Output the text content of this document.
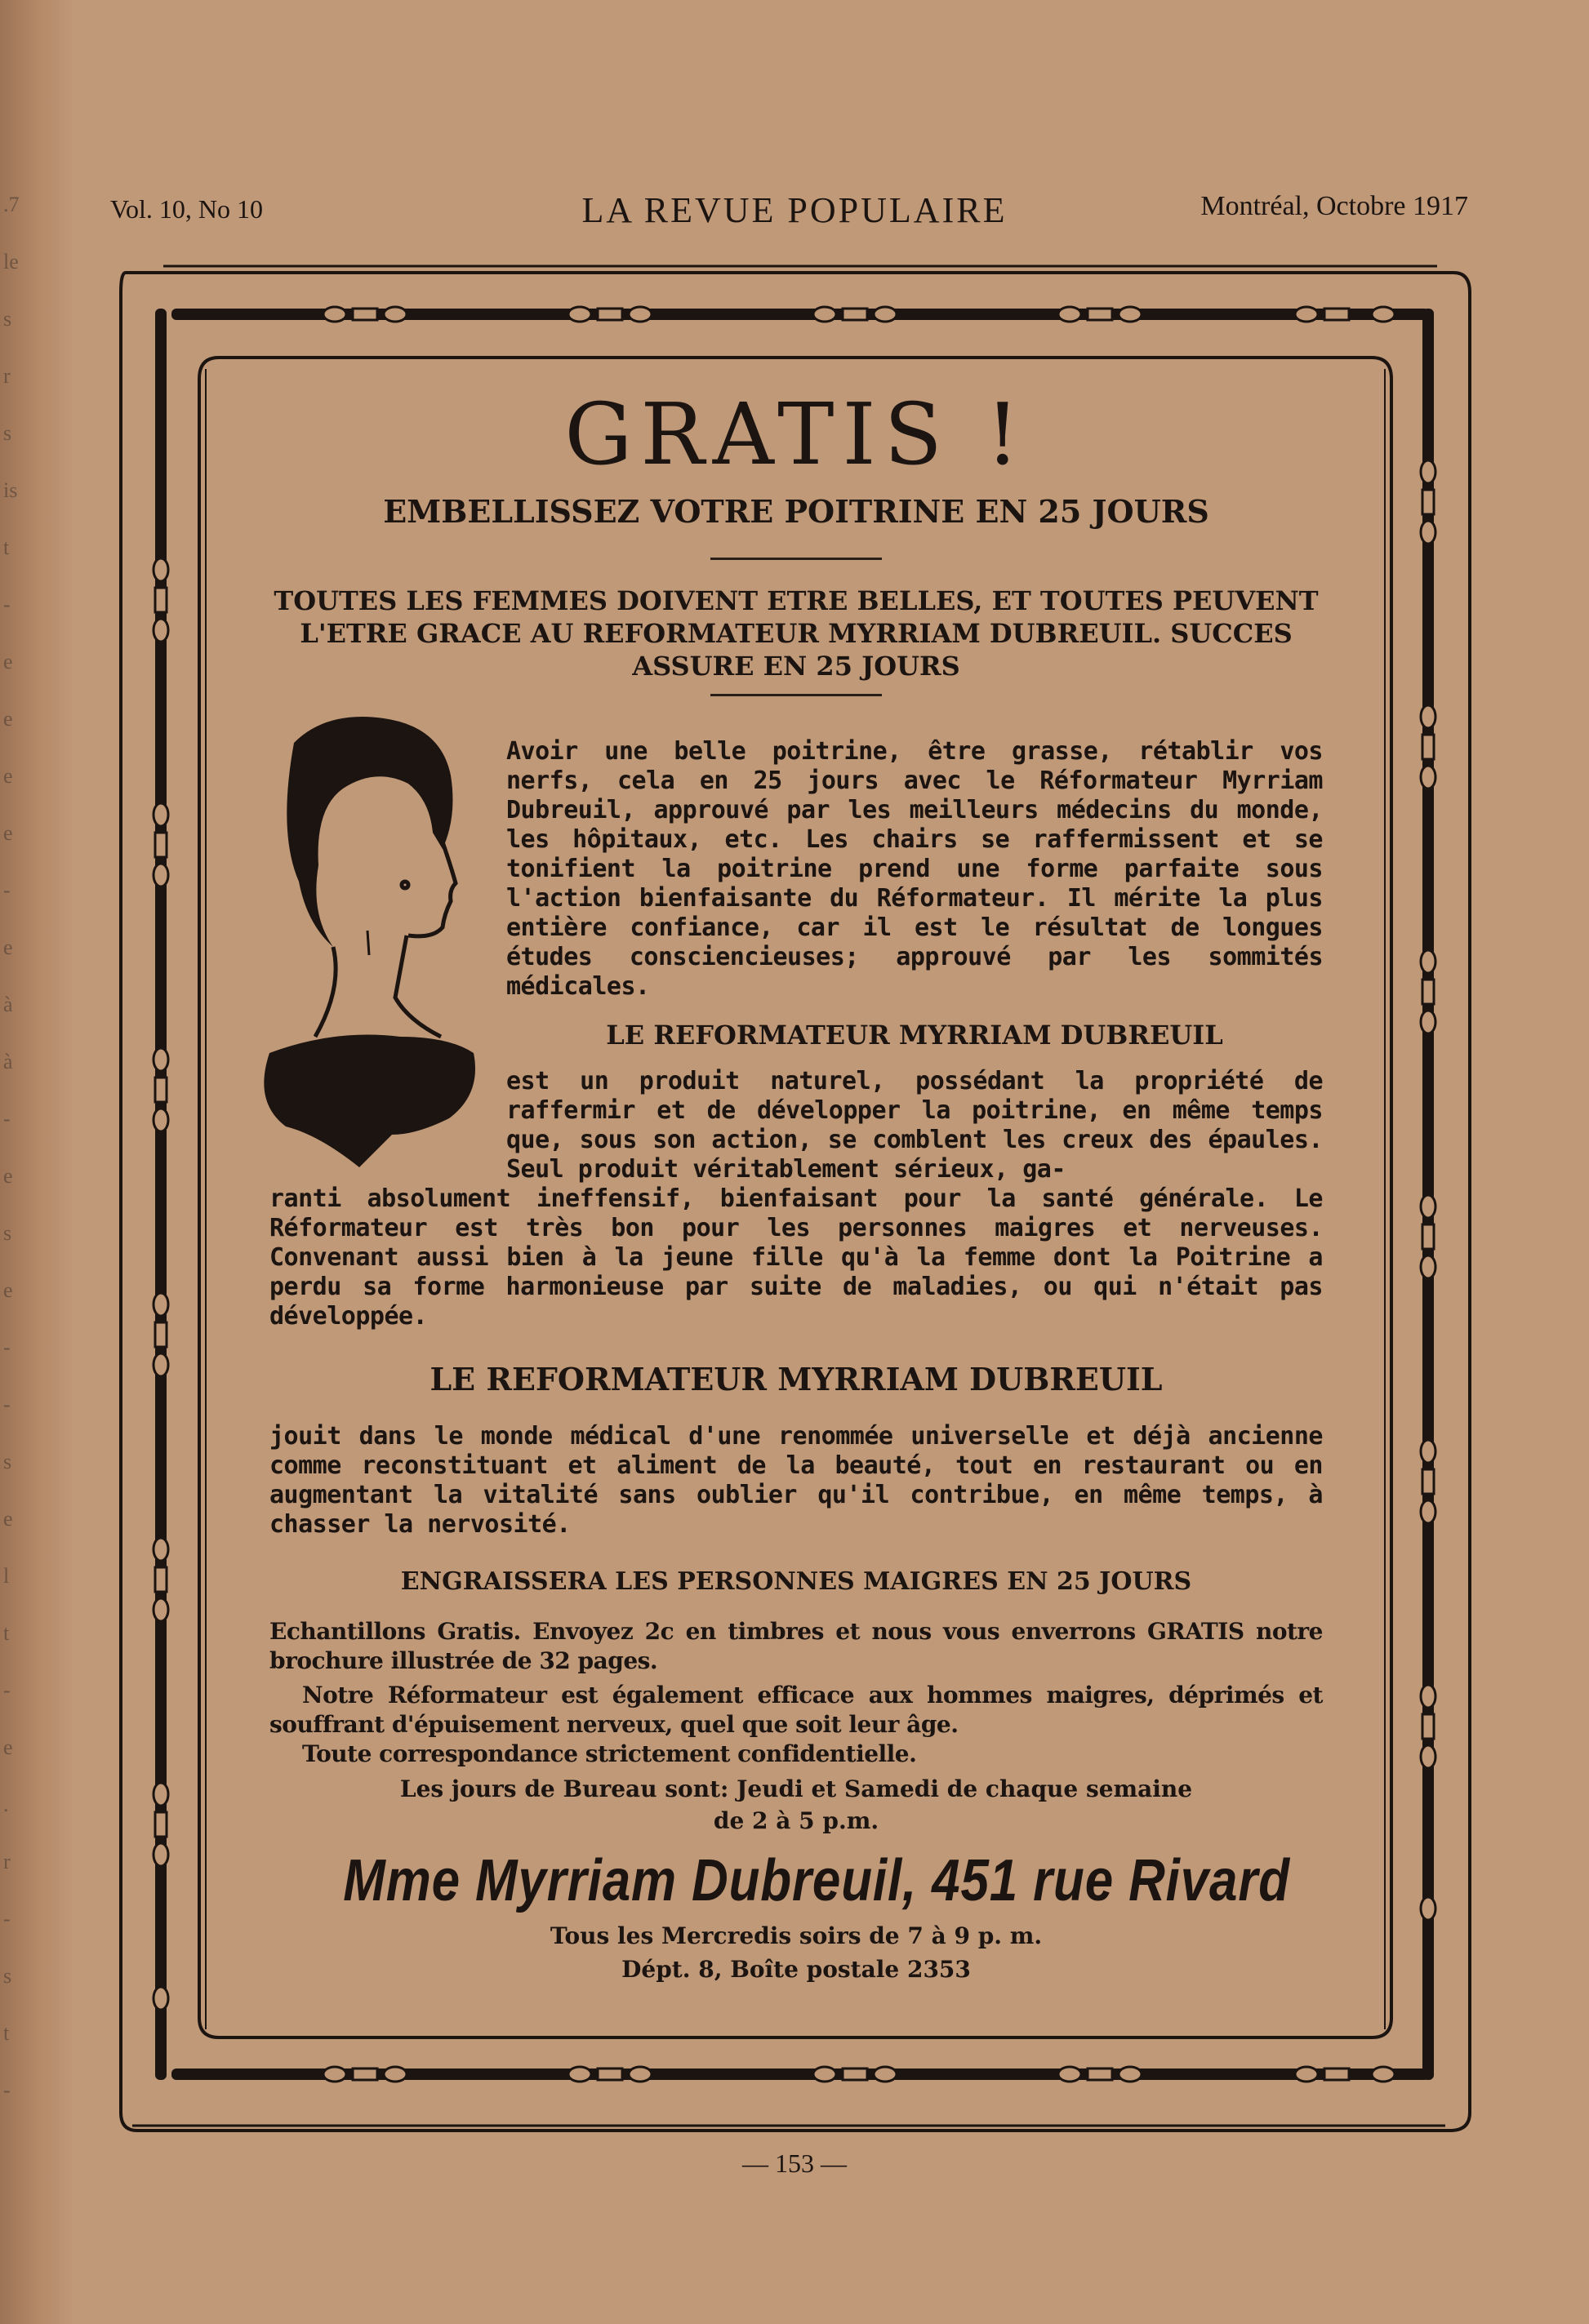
.7
le
s
r
s
is
t
-
e
e
e
e
-
e
à
à
-
e
s
e
-
-
s
e
l
t
-
e
.
r
-
s
t
-
Vol. 10, No 10	LA REVUE POPULAIRE	Montréal, Octobre 1917
GRATIS !
EMBELLISSEZ VOTRE POITRINE EN 25 JOURS
TOUTES LES FEMMES DOIVENT ETRE BELLES, ET TOUTES PEUVENT L'ETRE GRACE AU REFORMATEUR MYRRIAM DUBREUIL. SUCCES ASSURE EN 25 JOURS
Avoir une belle poitrine, être grasse, rétablir vos nerfs, cela en 25 jours avec le Réformateur Myrriam Dubreuil, approuvé par les meilleurs médecins du monde, les hôpitaux, etc. Les chairs se raffermissent et se tonifient la poitrine prend une forme parfaite sous l'action bienfaisante du Réformateur. Il mérite la plus entière confiance, car il est le résultat de longues études consciencieuses; approuvé par les sommités médicales.
LE REFORMATEUR MYRRIAM DUBREUIL
est un produit naturel, possédant la propriété de raffermir et de développer la poitrine, en même temps que, sous son action, se comblent les creux des épaules. Seul produit véritablement sérieux, ga-
ranti absolument ineffensif, bienfaisant pour la santé générale. Le Réformateur est très bon pour les personnes maigres et nerveuses. Convenant aussi bien à la jeune fille qu'à la femme dont la Poitrine a perdu sa forme harmonieuse par suite de maladies, ou qui n'était pas développée.
LE REFORMATEUR MYRRIAM DUBREUIL
jouit dans le monde médical d'une renommée universelle et déjà ancienne comme reconstituant et aliment de la beauté, tout en restaurant ou en augmentant la vitalité sans oublier qu'il contribue, en même temps, à chasser la nervosité.
ENGRAISSERA LES PERSONNES MAIGRES EN 25 JOURS
Echantillons Gratis. Envoyez 2c en timbres et nous vous enverrons GRATIS notre brochure illustrée de 32 pages.
Notre Réformateur est également efficace aux hommes maigres, déprimés et souffrant d'épuisement nerveux, quel que soit leur âge.
Toute correspondance strictement confidentielle.
Les jours de Bureau sont: Jeudi et Samedi de chaque semaine
de 2 à 5 p.m.
Mme Myrriam Dubreuil, 451 rue Rivard
Tous les Mercredis soirs de 7 à 9 p. m.
Dépt. 8, Boîte postale 2353
— 153 —
